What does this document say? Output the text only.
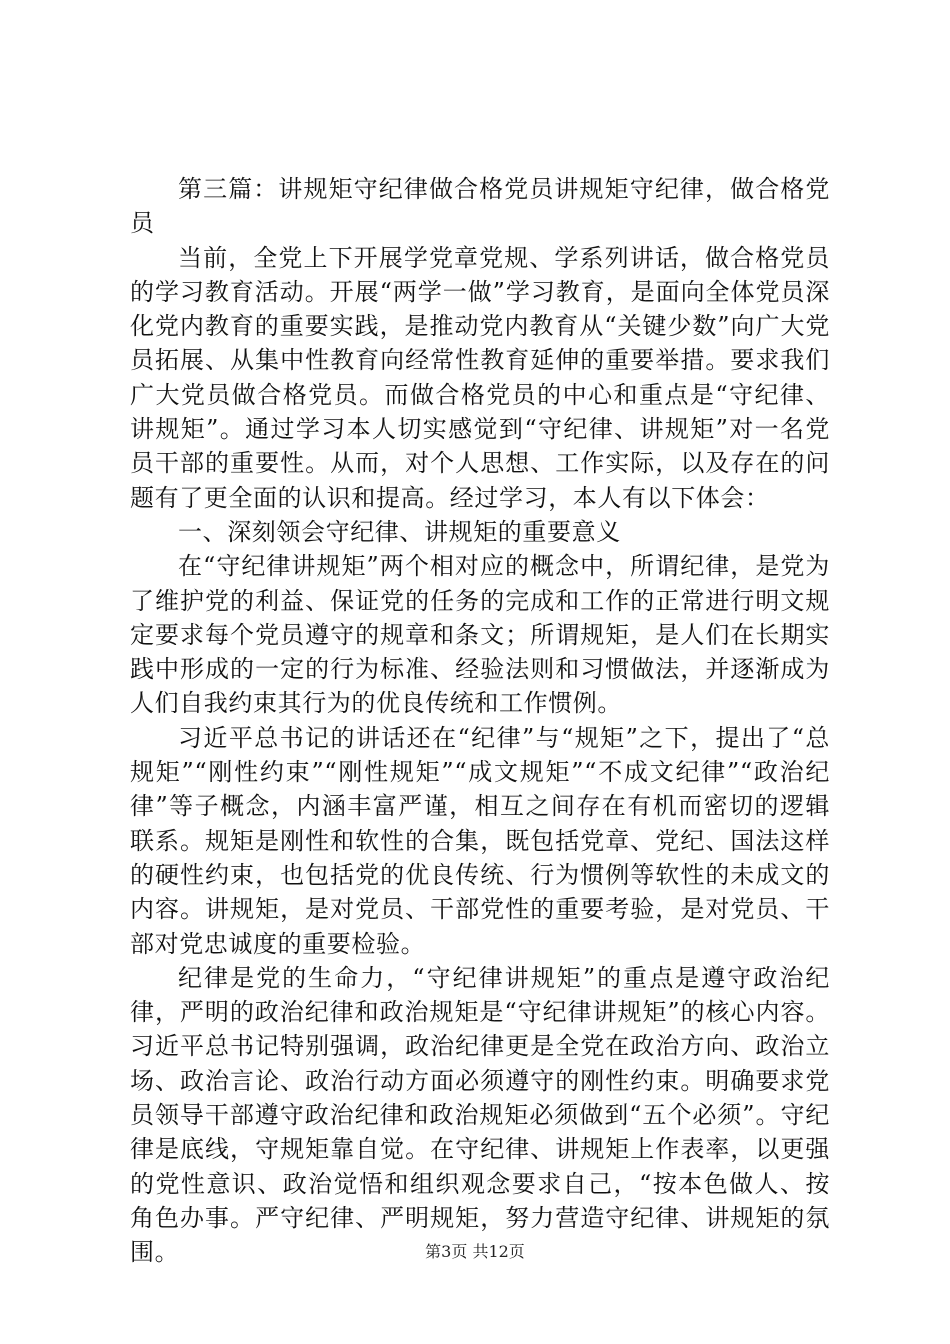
第三篇：讲规矩守纪律做合格党员讲规矩守纪律，做合格党员

当前，全党上下开展学党章党规、学系列讲话，做合格党员的学习教育活动。开展“两学一做”学习教育，是面向全体党员深化党内教育的重要实践，是推动党内教育从“关键少数”向广大党员拓展、从集中性教育向经常性教育延伸的重要举措。要求我们广大党员做合格党员。而做合格党员的中心和重点是“守纪律、讲规矩”。通过学习本人切实感觉到“守纪律、讲规矩”对一名党员干部的重要性。从而，对个人思想、工作实际，以及存在的问题有了更全面的认识和提高。经过学习，本人有以下体会：

一、深刻领会守纪律、讲规矩的重要意义

在“守纪律讲规矩”两个相对应的概念中，所谓纪律，是党为了维护党的利益、保证党的任务的完成和工作的正常进行明文规定要求每个党员遵守的规章和条文；所谓规矩，是人们在长期实践中形成的一定的行为标准、经验法则和习惯做法，并逐渐成为人们自我约束其行为的优良传统和工作惯例。

习近平总书记的讲话还在“纪律”与“规矩”之下，提出了“总规矩”“刚性约束”“刚性规矩”“成文规矩”“不成文纪律”“政治纪律”等子概念，内涵丰富严谨，相互之间存在有机而密切的逻辑联系。规矩是刚性和软性的合集，既包括党章、党纪、国法这样的硬性约束，也包括党的优良传统、行为惯例等软性的未成文的内容。讲规矩，是对党员、干部党性的重要考验，是对党员、干部对党忠诚度的重要检验。

纪律是党的生命力，“守纪律讲规矩”的重点是遵守政治纪律，严明的政治纪律和政治规矩是“守纪律讲规矩”的核心内容。习近平总书记特别强调，政治纪律更是全党在政治方向、政治立场、政治言论、政治行动方面必须遵守的刚性约束。明确要求党员领导干部遵守政治纪律和政治规矩必须做到“五个必须”。守纪律是底线，守规矩靠自觉。在守纪律、讲规矩上作表率，以更强的党性意识、政治觉悟和组织观念要求自己，“按本色做人、按角色办事。严守纪律、严明规矩，努力营造守纪律、讲规矩的氛围。	第3页 共12页
